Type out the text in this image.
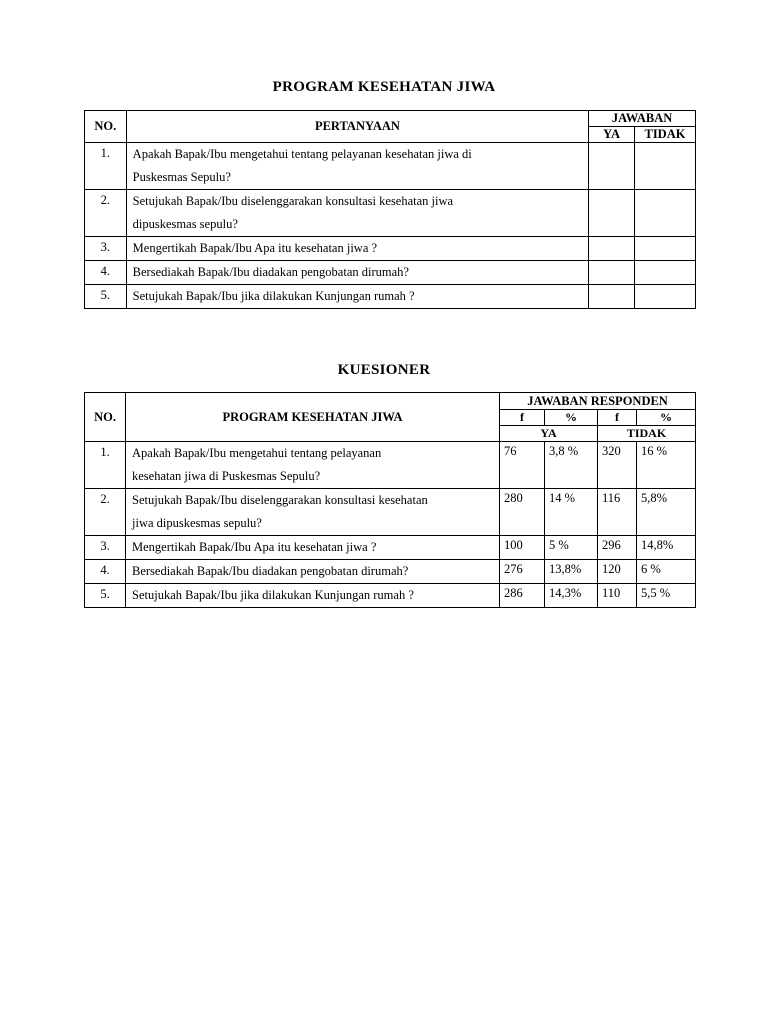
PROGRAM KESEHATAN JIWA
NO.	PERTANYAAN	JAWABAN	
		YA	TIDAK
1.	Apakah Bapak/Ibu mengetahui tentang pelayanan kesehatan jiwa di
Puskesmas Sepulu?		
2.	Setujukah Bapak/Ibu diselenggarakan konsultasi kesehatan jiwa
dipuskesmas sepulu?		
3.	Mengertikah Bapak/Ibu Apa itu kesehatan jiwa ?		
4.	Bersediakah Bapak/Ibu diadakan pengobatan dirumah?		
5.	Setujukah Bapak/Ibu jika dilakukan Kunjungan rumah ?		
KUESIONER
NO.	PROGRAM KESEHATAN JIWA	JAWABAN RESPONDEN			
		f	%	f	%
		YA		TIDAK	
1.	Apakah Bapak/Ibu mengetahui tentang pelayanan
kesehatan jiwa di Puskesmas Sepulu?	76	3,8 %	320	16 %
2.	Setujukah Bapak/Ibu diselenggarakan konsultasi kesehatan
jiwa dipuskesmas sepulu?	280	14 %	116	5,8%
3.	Mengertikah Bapak/Ibu Apa itu kesehatan jiwa ?	100	5 %	296	14,8%
4.	Bersediakah Bapak/Ibu diadakan pengobatan dirumah?	276	13,8%	120	6 %
5.	Setujukah Bapak/Ibu jika dilakukan Kunjungan rumah ?	286	14,3%	110	5,5 %
